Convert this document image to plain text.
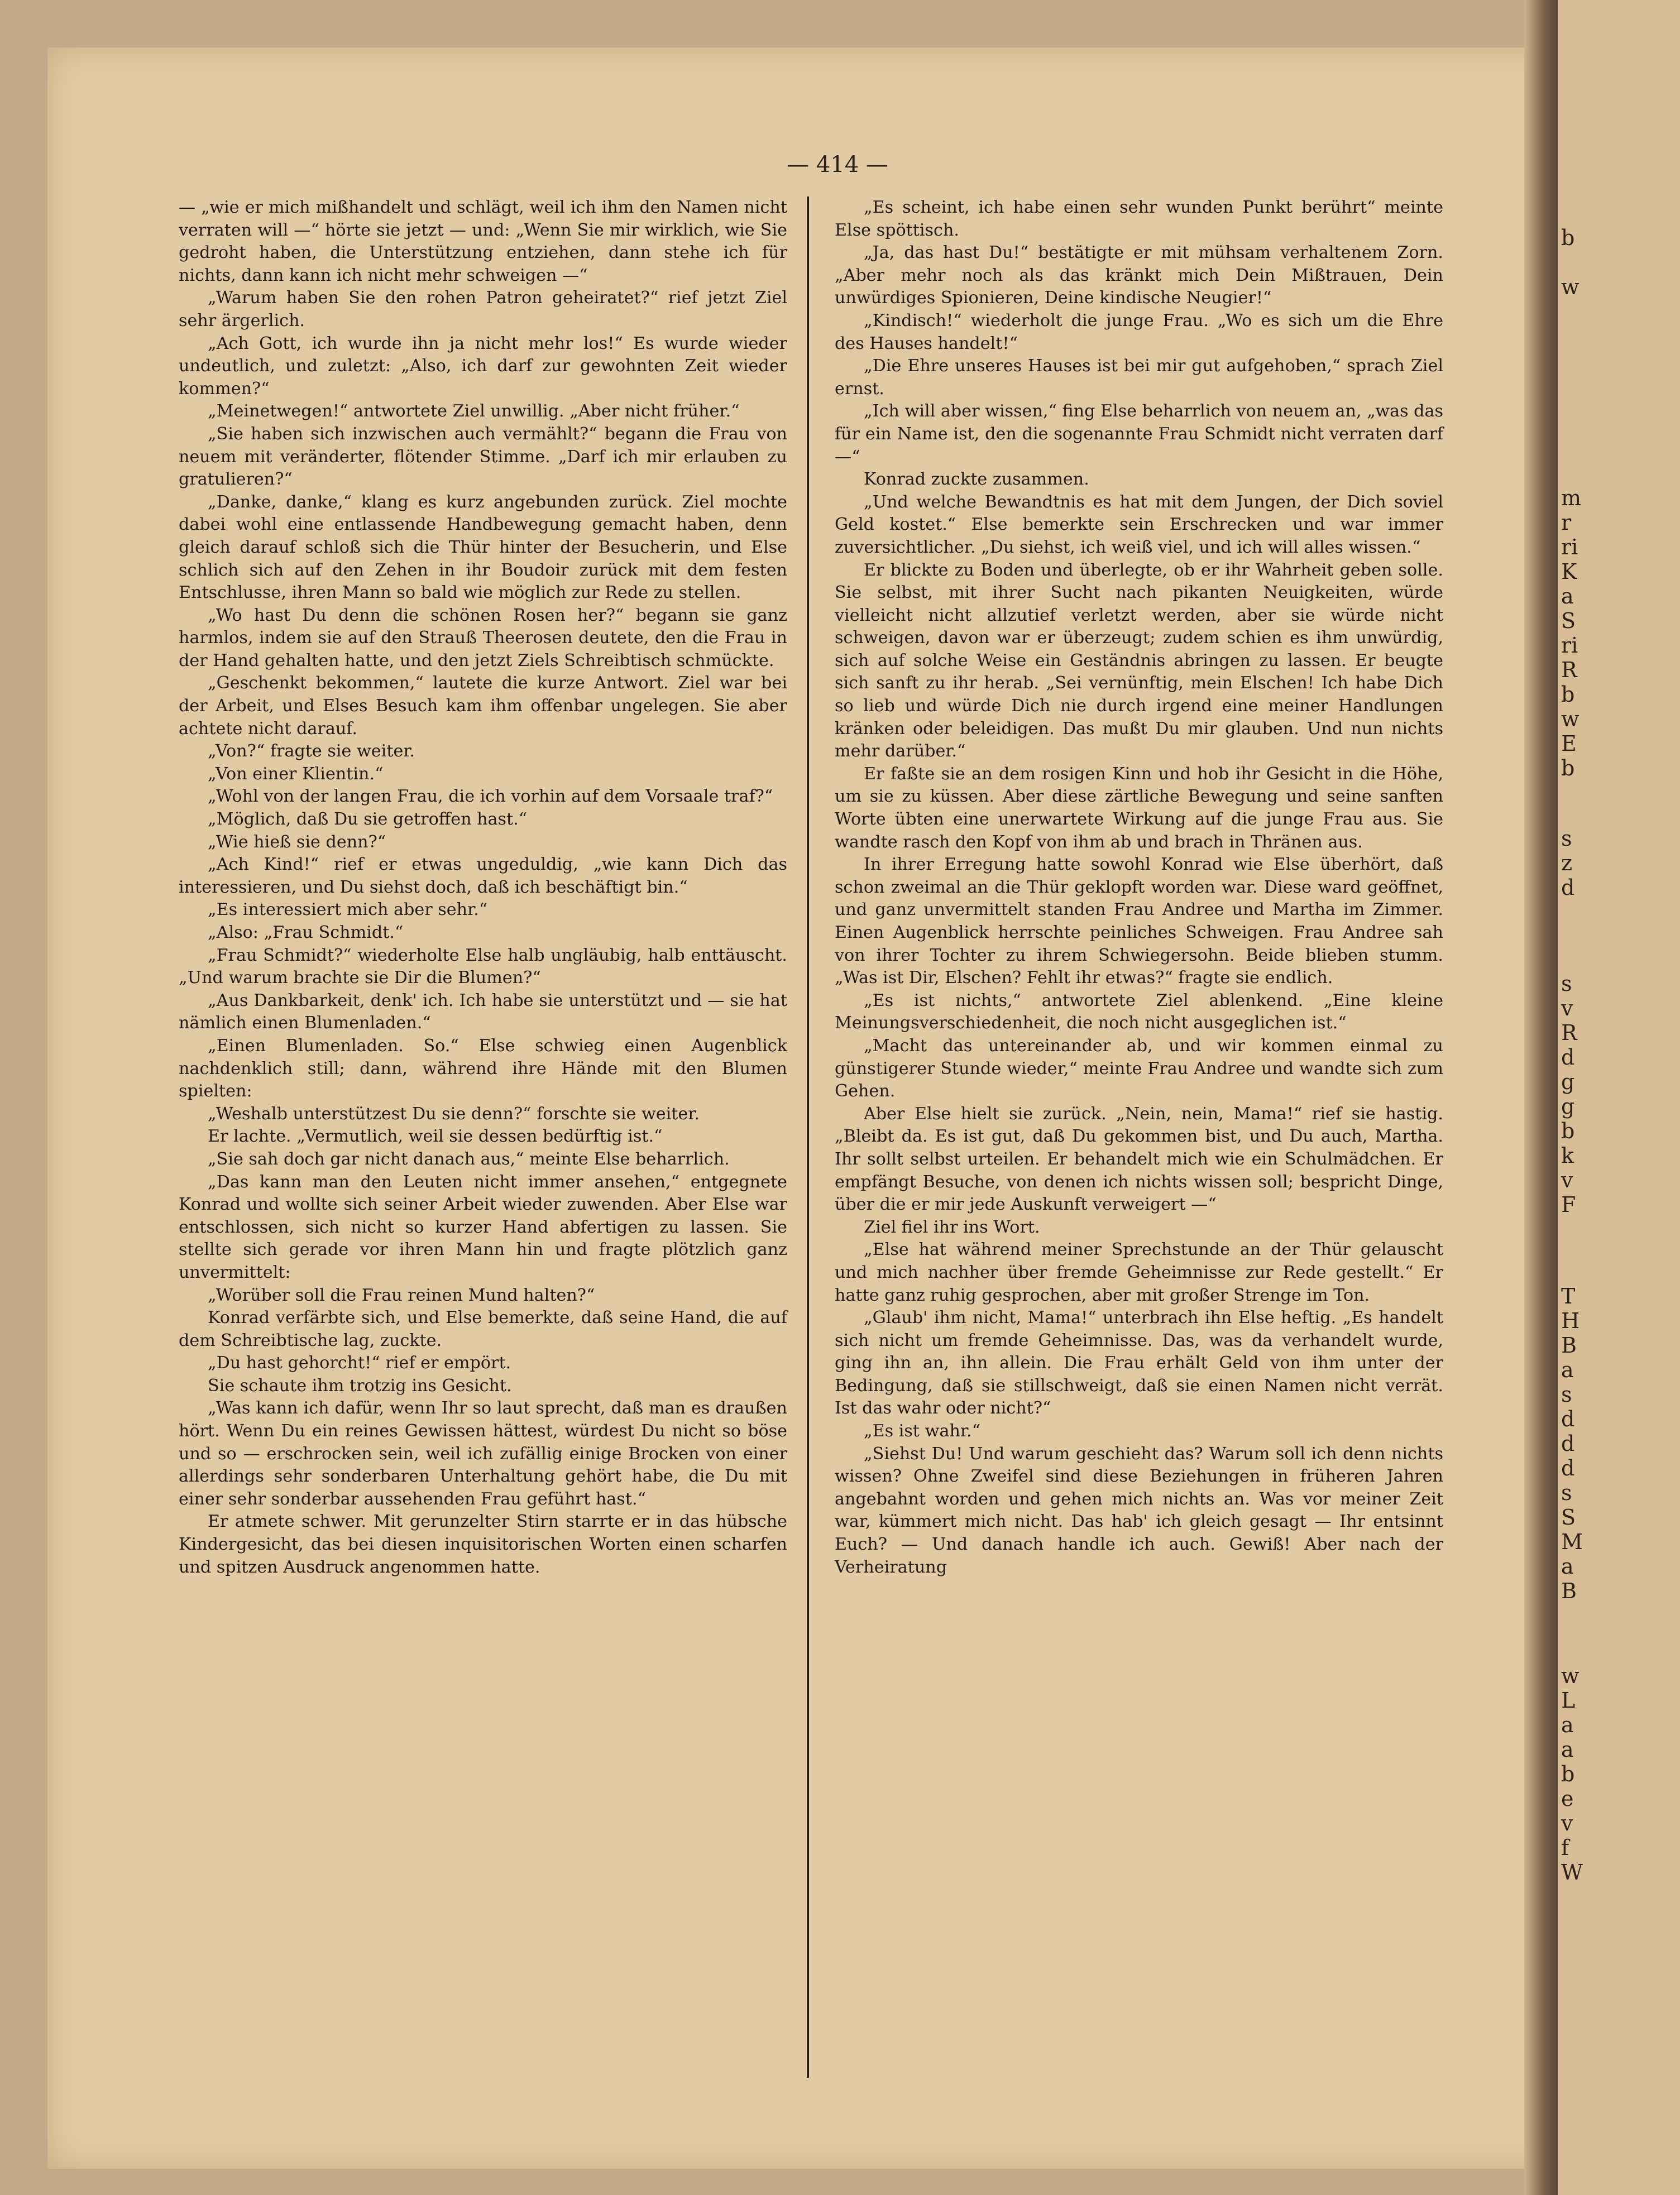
— 414 —

— „wie er mich mißhandelt und schlägt, weil ich ihm den Namen nicht verraten will —“ hörte sie jetzt — und: „Wenn Sie mir wirklich, wie Sie gedroht haben, die Unterstützung entziehen, dann stehe ich für nichts, dann kann ich nicht mehr schweigen —“

„Warum haben Sie den rohen Patron geheiratet?“ rief jetzt Ziel sehr ärgerlich.

„Ach Gott, ich wurde ihn ja nicht mehr los!“ Es wurde wieder undeutlich, und zuletzt: „Also, ich darf zur gewohnten Zeit wieder kommen?“

„Meinetwegen!“ antwortete Ziel unwillig. „Aber nicht früher.“

„Sie haben sich inzwischen auch vermählt?“ begann die Frau von neuem mit veränderter, flötender Stimme. „Darf ich mir erlauben zu gratulieren?“

„Danke, danke,“ klang es kurz angebunden zurück. Ziel mochte dabei wohl eine entlassende Handbewegung gemacht haben, denn gleich darauf schloß sich die Thür hinter der Besucherin, und Else schlich sich auf den Zehen in ihr Boudoir zurück mit dem festen Entschlusse, ihren Mann so bald wie möglich zur Rede zu stellen.

„Wo hast Du denn die schönen Rosen her?“ begann sie ganz harmlos, indem sie auf den Strauß Theerosen deutete, den die Frau in der Hand gehalten hatte, und den jetzt Ziels Schreibtisch schmückte.

„Geschenkt bekommen,“ lautete die kurze Antwort. Ziel war bei der Arbeit, und Elses Besuch kam ihm offenbar ungelegen. Sie aber achtete nicht darauf.

„Von?“ fragte sie weiter.

„Von einer Klientin.“

„Wohl von der langen Frau, die ich vorhin auf dem Vorsaale traf?“

„Möglich, daß Du sie getroffen hast.“

„Wie hieß sie denn?“

„Ach Kind!“ rief er etwas ungeduldig, „wie kann Dich das interessieren, und Du siehst doch, daß ich beschäftigt bin.“

„Es interessiert mich aber sehr.“

„Also: „Frau Schmidt.“

„Frau Schmidt?“ wiederholte Else halb ungläubig, halb enttäuscht. „Und warum brachte sie Dir die Blumen?“

„Aus Dankbarkeit, denk' ich. Ich habe sie unterstützt und — sie hat nämlich einen Blumenladen.“

„Einen Blumenladen. So.“ Else schwieg einen Augenblick nachdenklich still; dann, während ihre Hände mit den Blumen spielten:

„Weshalb unterstützest Du sie denn?“ forschte sie weiter.

Er lachte. „Vermutlich, weil sie dessen bedürftig ist.“

„Sie sah doch gar nicht danach aus,“ meinte Else beharrlich.

„Das kann man den Leuten nicht immer ansehen,“ entgegnete Konrad und wollte sich seiner Arbeit wieder zuwenden. Aber Else war entschlossen, sich nicht so kurzer Hand abfertigen zu lassen. Sie stellte sich gerade vor ihren Mann hin und fragte plötzlich ganz unvermittelt:

„Worüber soll die Frau reinen Mund halten?“

Konrad verfärbte sich, und Else bemerkte, daß seine Hand, die auf dem Schreibtische lag, zuckte.

„Du hast gehorcht!“ rief er empört.

Sie schaute ihm trotzig ins Gesicht.

„Was kann ich dafür, wenn Ihr so laut sprecht, daß man es draußen hört. Wenn Du ein reines Gewissen hättest, würdest Du nicht so böse und so — erschrocken sein, weil ich zufällig einige Brocken von einer allerdings sehr sonderbaren Unterhaltung gehört habe, die Du mit einer sehr sonderbar aussehenden Frau geführt hast.“

Er atmete schwer. Mit gerunzelter Stirn starrte er in das hübsche Kindergesicht, das bei diesen inquisitorischen Worten einen scharfen und spitzen Ausdruck angenommen hatte.

„Es scheint, ich habe einen sehr wunden Punkt berührt“ meinte Else spöttisch.

„Ja, das hast Du!“ bestätigte er mit mühsam verhaltenem Zorn. „Aber mehr noch als das kränkt mich Dein Mißtrauen, Dein unwürdiges Spionieren, Deine kindische Neugier!“

„Kindisch!“ wiederholt die junge Frau. „Wo es sich um die Ehre des Hauses handelt!“

„Die Ehre unseres Hauses ist bei mir gut aufgehoben,“ sprach Ziel ernst.

„Ich will aber wissen,“ fing Else beharrlich von neuem an, „was das für ein Name ist, den die sogenannte Frau Schmidt nicht verraten darf —“

Konrad zuckte zusammen.

„Und welche Bewandtnis es hat mit dem Jungen, der Dich soviel Geld kostet.“ Else bemerkte sein Erschrecken und war immer zuversichtlicher. „Du siehst, ich weiß viel, und ich will alles wissen.“

Er blickte zu Boden und überlegte, ob er ihr Wahrheit geben solle. Sie selbst, mit ihrer Sucht nach pikanten Neuigkeiten, würde vielleicht nicht allzutief verletzt werden, aber sie würde nicht schweigen, davon war er überzeugt; zudem schien es ihm unwürdig, sich auf solche Weise ein Geständnis abringen zu lassen. Er beugte sich sanft zu ihr herab. „Sei vernünftig, mein Elschen! Ich habe Dich so lieb und würde Dich nie durch irgend eine meiner Handlungen kränken oder beleidigen. Das mußt Du mir glauben. Und nun nichts mehr darüber.“

Er faßte sie an dem rosigen Kinn und hob ihr Gesicht in die Höhe, um sie zu küssen. Aber diese zärtliche Bewegung und seine sanften Worte übten eine unerwartete Wirkung auf die junge Frau aus. Sie wandte rasch den Kopf von ihm ab und brach in Thränen aus.

In ihrer Erregung hatte sowohl Konrad wie Else überhört, daß schon zweimal an die Thür geklopft worden war. Diese ward geöffnet, und ganz unvermittelt standen Frau Andree und Martha im Zimmer. Einen Augenblick herrschte peinliches Schweigen. Frau Andree sah von ihrer Tochter zu ihrem Schwiegersohn. Beide blieben stumm. „Was ist Dir, Elschen? Fehlt ihr etwas?“ fragte sie endlich.

„Es ist nichts,“ antwortete Ziel ablenkend. „Eine kleine Meinungsverschiedenheit, die noch nicht ausgeglichen ist.“

„Macht das untereinander ab, und wir kommen einmal zu günstigerer Stunde wieder,“ meinte Frau Andree und wandte sich zum Gehen.

Aber Else hielt sie zurück. „Nein, nein, Mama!“ rief sie hastig. „Bleibt da. Es ist gut, daß Du gekommen bist, und Du auch, Martha. Ihr sollt selbst urteilen. Er behandelt mich wie ein Schulmädchen. Er empfängt Besuche, von denen ich nichts wissen soll; bespricht Dinge, über die er mir jede Auskunft verweigert —“

Ziel fiel ihr ins Wort.

„Else hat während meiner Sprechstunde an der Thür gelauscht und mich nachher über fremde Geheimnisse zur Rede gestellt.“ Er hatte ganz ruhig gesprochen, aber mit großer Strenge im Ton.

„Glaub' ihm nicht, Mama!“ unterbrach ihn Else heftig. „Es handelt sich nicht um fremde Geheimnisse. Das, was da verhandelt wurde, ging ihn an, ihn allein. Die Frau erhält Geld von ihm unter der Bedingung, daß sie stillschweigt, daß sie einen Namen nicht verrät. Ist das wahr oder nicht?“

„Es ist wahr.“

„Siehst Du! Und warum geschieht das? Warum soll ich denn nichts wissen? Ohne Zweifel sind diese Beziehungen in früheren Jahren angebahnt worden und gehen mich nichts an. Was vor meiner Zeit war, kümmert mich nicht. Das hab' ich gleich gesagt — Ihr entsinnt Euch? — Und danach handle ich auch. Gewiß! Aber nach der Verheiratung

b
w
m
r
ri
K
a
S
ri
R
b
w
E
b
s
z
d
s
v
R
d
g
g
b
k
v
F
T
H
B
a
s
d
d
d
s
S
M
a
B
w
L
a
a
b
e
v
f
W
